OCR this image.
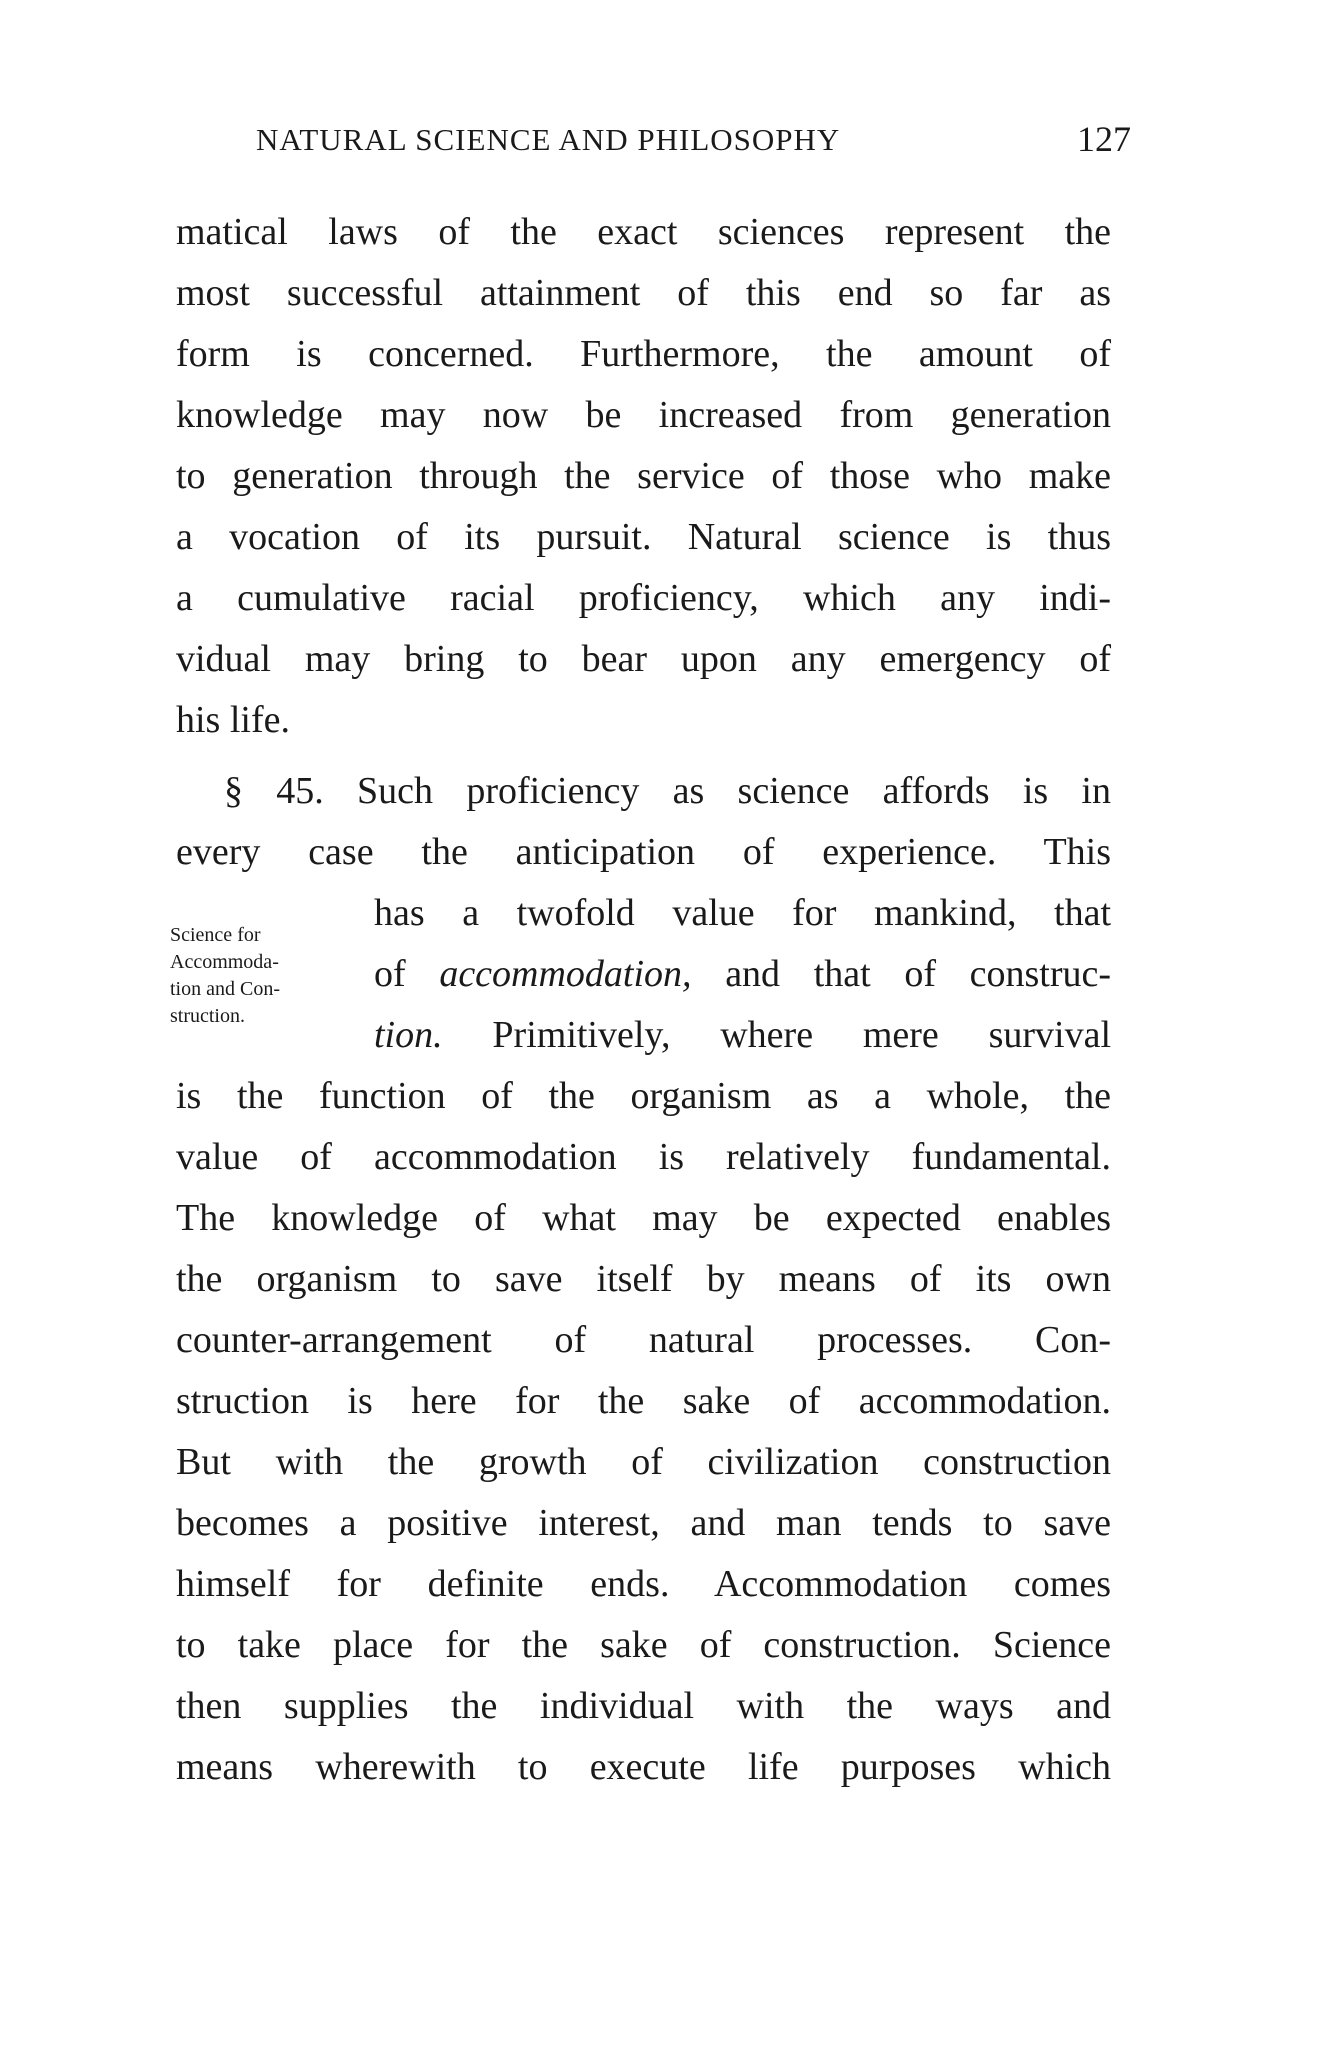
NATURAL SCIENCE AND PHILOSOPHY	127
Science for
Accommoda-
tion and Con-
struction.
matical laws of the exact sciences represent the
most successful attainment of this end so far as
form is concerned. Furthermore, the amount of
knowledge may now be increased from generation
to generation through the service of those who make
a vocation of its pursuit. Natural science is thus
a cumulative racial proficiency, which any indi-
vidual may bring to bear upon any emergency of
his life.
§ 45. Such proficiency as science affords is in
every case the anticipation of experience. This
has a twofold value for mankind, that
of accommodation, and that of construc-
tion. Primitively, where mere survival
is the function of the organism as a whole, the
value of accommodation is relatively fundamental.
The knowledge of what may be expected enables
the organism to save itself by means of its own
counter-arrangement of natural processes. Con-
struction is here for the sake of accommodation.
But with the growth of civilization construction
becomes a positive interest, and man tends to save
himself for definite ends. Accommodation comes
to take place for the sake of construction. Science
then supplies the individual with the ways and
means wherewith to execute life purposes which
